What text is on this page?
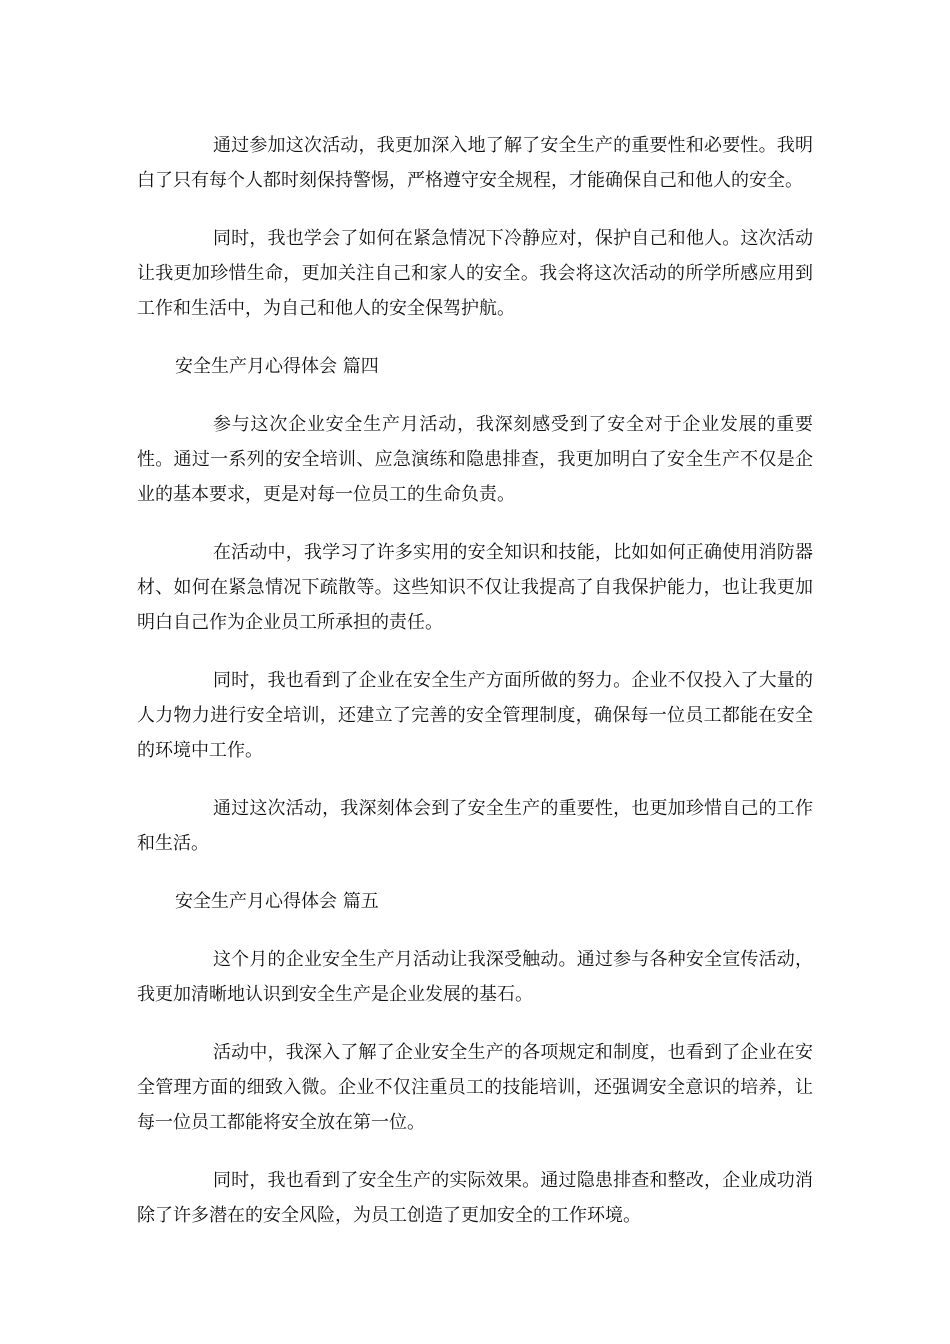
通过参加这次活动，我更加深入地了解了安全生产的重要性和必要性。我明白了只有每个人都时刻保持警惕，严格遵守安全规程，才能确保自己和他人的安全。

同时，我也学会了如何在紧急情况下冷静应对，保护自己和他人。这次活动让我更加珍惜生命，更加关注自己和家人的安全。我会将这次活动的所学所感应用到工作和生活中，为自己和他人的安全保驾护航。

安全生产月心得体会 篇四

参与这次企业安全生产月活动，我深刻感受到了安全对于企业发展的重要性。通过一系列的安全培训、应急演练和隐患排查，我更加明白了安全生产不仅是企业的基本要求，更是对每一位员工的生命负责。

在活动中，我学习了许多实用的安全知识和技能，比如如何正确使用消防器材、如何在紧急情况下疏散等。这些知识不仅让我提高了自我保护能力，也让我更加明白自己作为企业员工所承担的责任。

同时，我也看到了企业在安全生产方面所做的努力。企业不仅投入了大量的人力物力进行安全培训，还建立了完善的安全管理制度，确保每一位员工都能在安全的环境中工作。

通过这次活动，我深刻体会到了安全生产的重要性，也更加珍惜自己的工作和生活。

安全生产月心得体会 篇五

这个月的企业安全生产月活动让我深受触动。通过参与各种安全宣传活动，我更加清晰地认识到安全生产是企业发展的基石。

活动中，我深入了解了企业安全生产的各项规定和制度，也看到了企业在安全管理方面的细致入微。企业不仅注重员工的技能培训，还强调安全意识的培养，让每一位员工都能将安全放在第一位。

同时，我也看到了安全生产的实际效果。通过隐患排查和整改，企业成功消除了许多潜在的安全风险，为员工创造了更加安全的工作环境。
